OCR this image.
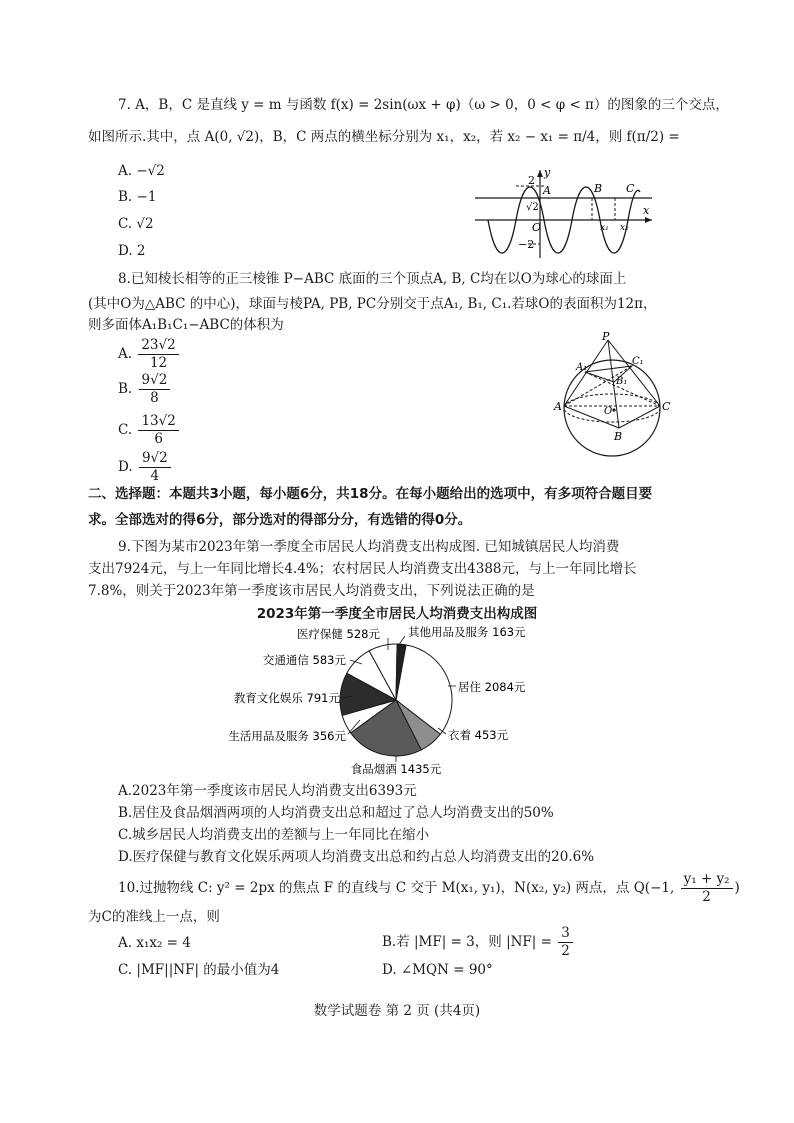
7. A，B，C 是直线 y = m 与函数 f(x) = 2sin(ωx + φ)（ω > 0，0 < φ < π）的图象的三个交点，
如图所示.其中，点 A(0, √2)，B，C 两点的横坐标分别为 x₁，x₂，若 x₂ − x₁ = π/4，则 f(π/2) =
A. −√2
B. −1
C. √2
D. 2
2
y
A
√2
O
−2
B C
x
x₁ x₂
8.已知棱长相等的正三棱锥 P−ABC 底面的三个顶点A, B, C均在以O为球心的球面上
(其中O为△ABC 的中心)，球面与棱PA, PB, PC分别交于点A₁, B₁, C₁.若球O的表面积为12π，
则多面体A₁B₁C₁−ABC的体积为
A. $\frac{23√2}{12}$
B. $\frac{9√2}{8}$
C. $\frac{13√2}{6}$
D. $\frac{9√2}{4}$
P
A₁
C₁
B₁
A	O	C
B
二、选择题：本题共3小题，每小题6分，共18分。在每小题给出的选项中，有多项符合题目要
求。全部选对的得6分，部分选对的得部分分，有选错的得0分。
9.下图为某市2023年第一季度全市居民人均消费支出构成图. 已知城镇居民人均消费
支出7924元，与上一年同比增长4.4%；农村居民人均消费支出4388元，与上一年同比增长
7.8%，则关于2023年第一季度该市居民人均消费支出，下列说法正确的是
2023年第一季度全市居民人均消费支出构成图
居住 2084元
衣着 453元
食品烟酒 1435元
生活用品及服务 356元
教育文化娱乐 791元
交通通信 583元
医疗保健 528元 其他用品及服务 163元
A.2023年第一季度该市居民人均消费支出6393元
B.居住及食品烟酒两项的人均消费支出总和超过了总人均消费支出的50%
C.城乡居民人均消费支出的差额与上一年同比在缩小
D.医疗保健与教育文化娱乐两项人均消费支出总和约占总人均消费支出的20.6%
10.过抛物线 C: y² = 2px 的焦点 F 的直线与 C 交于 M(x₁, y₁)，N(x₂, y₂) 两点，点 Q(−1, $\frac{\text{y₁ + y₂}}{2}$ )
为C的准线上一点，则
A. x₁x₂ = 4	B.若 |MF| = 3，则 $|NF| = \frac{3}{2}$
C. |MF||NF| 的最小值为4	D. ∠MQN = 90°
数学试题卷 第 2 页 (共4页)
